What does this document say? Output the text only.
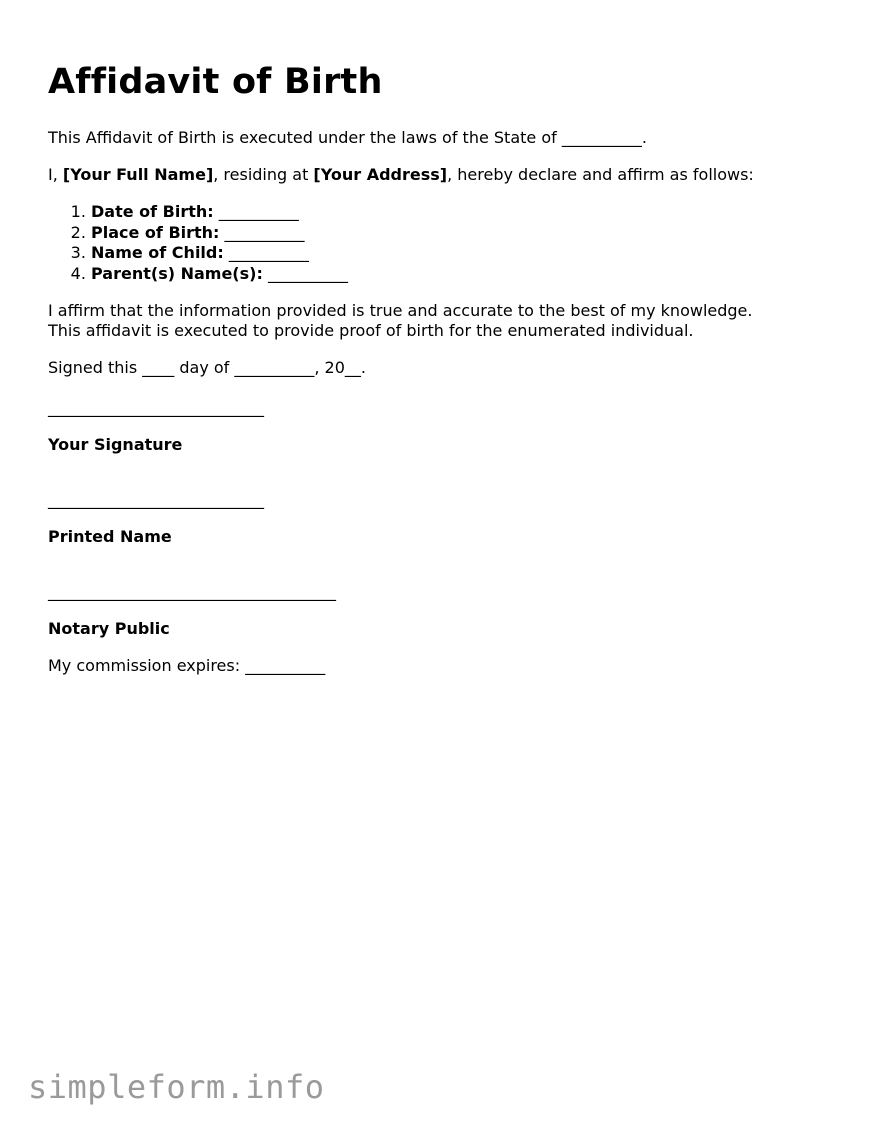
Affidavit of Birth

This Affidavit of Birth is executed under the laws of the State of __________.

I, [Your Full Name], residing at [Your Address], hereby declare and affirm as follows:

1. Date of Birth: __________
2. Place of Birth: __________
3. Name of Child: __________
4. Parent(s) Name(s): __________

I affirm that the information provided is true and accurate to the best of my knowledge.
This affidavit is executed to provide proof of birth for the enumerated individual.

Signed this ____ day of __________, 20__.

___________________________
Your Signature
___________________________
Printed Name
____________________________________
Notary Public

My commission expires: __________

simpleform.info
